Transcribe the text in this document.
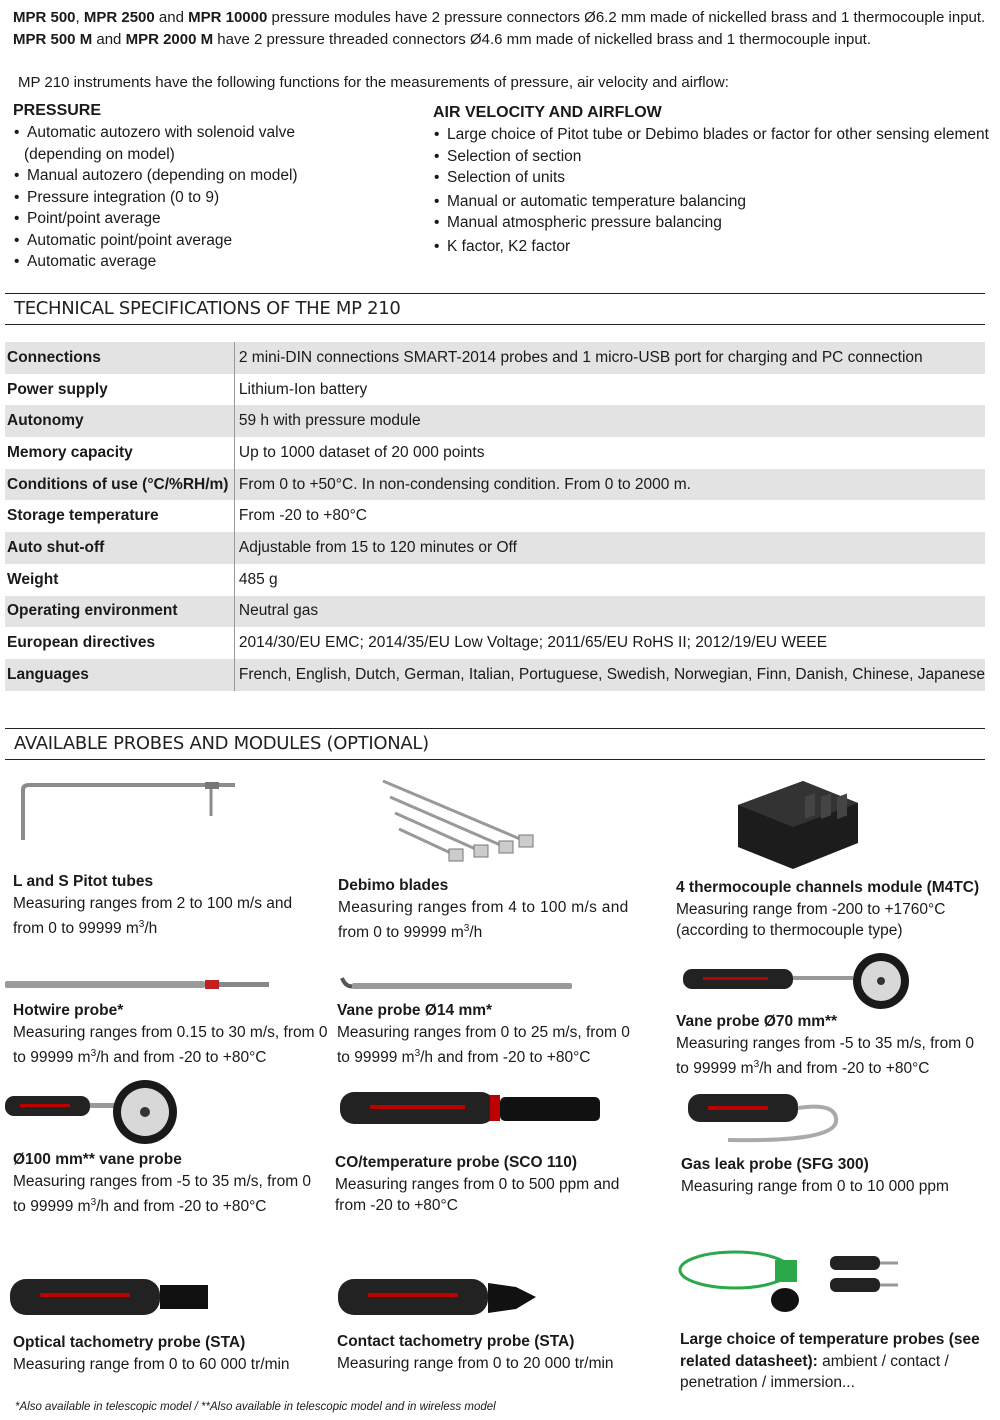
MPR 500, MPR 2500 and MPR 10000 pressure modules have 2 pressure connectors Ø6.2 mm made of nickelled brass and 1 thermocouple input.
MPR 500 M and MPR 2000 M have 2 pressure threaded connectors Ø4.6 mm made of nickelled brass and 1 thermocouple input.
MP 210 instruments have the following functions for the measurements of pressure, air velocity and airflow:
PRESSURE
• Automatic autozero with solenoid valve
(depending on model)
• Manual autozero (depending on model)
• Pressure integration (0 to 9)
• Point/point average
• Automatic point/point average
• Automatic average
AIR VELOCITY AND AIRFLOW
• Large choice of Pitot tube or Debimo blades or factor for other sensing element
• Selection of section
• Selection of units
• Manual or automatic temperature balancing
• Manual atmospheric pressure balancing
• K factor, K2 factor
TECHNICAL SPECIFICATIONS OF THE MP 210
Connections	2 mini-DIN connections SMART-2014 probes and 1 micro-USB port for charging and PC connection
Power supply	Lithium-Ion battery
Autonomy	59 h with pressure module
Memory capacity	Up to 1000 dataset of 20 000 points
Conditions of use (°C/%RH/m)	From 0 to +50°C. In non-condensing condition. From 0 to 2000 m.
Storage temperature	From -20 to +80°C
Auto shut-off	Adjustable from 15 to 120 minutes or Off
Weight	485 g
Operating environment	Neutral gas
European directives	2014/30/EU EMC; 2014/35/EU Low Voltage; 2011/65/EU RoHS II; 2012/19/EU WEEE
Languages	French, English, Dutch, German, Italian, Portuguese, Swedish, Norwegian, Finn, Danish, Chinese, Japanese
AVAILABLE PROBES AND MODULES (OPTIONAL)
L and S Pitot tubes
Measuring ranges from 2 to 100 m/s and
from 0 to 99999 $m^3/h$
Debimo blades
Measuring ranges from 4 to 100 m/s and
from 0 to 99999 $m^3/h$
4 thermocouple channels module (M4TC)
Measuring range from -200 to +1760°C
(according to thermocouple type)
Hotwire probe*
Measuring ranges from 0.15 to 30 m/s, from 0
to 99999 $m^3/h$ and from -20 to +80°C
Vane probe Ø14 mm*
Measuring ranges from 0 to 25 m/s, from 0
to 99999 $m^3/h$ and from -20 to +80°C
Vane probe Ø70 mm**
Measuring ranges from -5 to 35 m/s, from 0
to 99999 $m^3/h$ and from -20 to +80°C
Ø100 mm** vane probe
Measuring ranges from -5 to 35 m/s, from 0
to 99999 $m^3/h$ and from -20 to +80°C
CO/temperature probe (SCO 110)
Measuring ranges from 0 to 500 ppm and
from -20 to +80°C
Gas leak probe (SFG 300)
Measuring range from 0 to 10 000 ppm
Optical tachometry probe (STA)
Measuring range from 0 to 60 000 tr/min
Contact tachometry probe (STA)
Measuring range from 0 to 20 000 tr/min
Large choice of temperature probes (see
related datasheet): ambient / contact /
penetration / immersion...
*Also available in telescopic model / **Also available in telescopic model and in wireless model
